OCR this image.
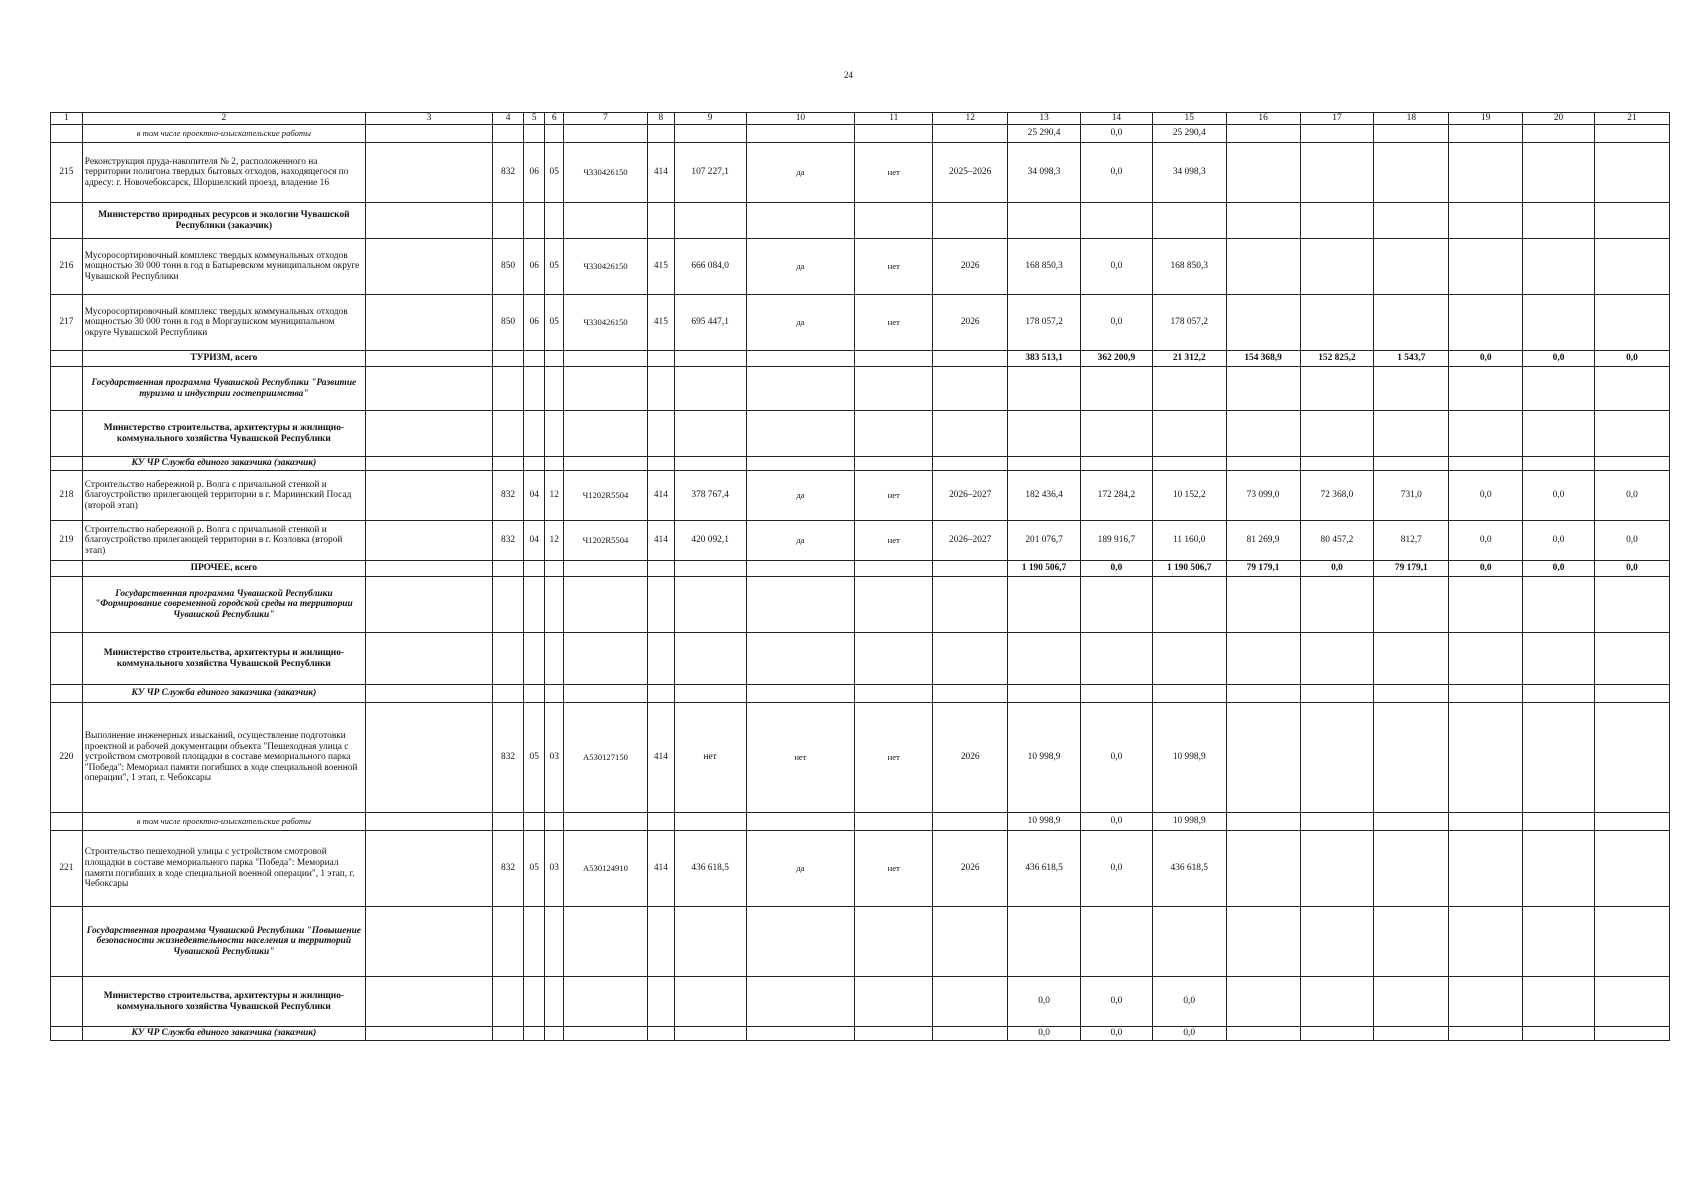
24
1	2	3	4	5	6	7	8	9	10	11	12	13	14	15	16	17	18	19	20	21
	в том числе проектно-изыскательские работы											25 290,4	0,0	25 290,4						
215	Реконструкция пруда-накопителя № 2, расположенного на территории полигона твердых бытовых отходов, находящегося по адресу: г. Новочебоксарск, Шоршелский проезд, владение 16		832	06	05	Ч330426150	414	107 227,1	да	нет	2025–2026	34 098,3	0,0	34 098,3						
	Министерство природных ресурсов и экологии Чувашской Республики (заказчик)																			
216	Мусоросортировочный комплекс твердых коммунальных отходов мощностью 30 000 тонн в год в Батыревском муниципальном округе Чувашской Республики		850	06	05	Ч330426150	415	666 084,0	да	нет	2026	168 850,3	0,0	168 850,3						
217	Мусоросортировочный комплекс твердых коммунальных отходов мощностью 30 000 тонн в год в Моргаушском муниципальном округе Чувашской Республики		850	06	05	Ч330426150	415	695 447,1	да	нет	2026	178 057,2	0,0	178 057,2						
	ТУРИЗМ, всего											383 513,1	362 200,9	21 312,2	154 368,9	152 825,2	1 543,7	0,0	0,0	0,0
	Государственная программа Чувашской Республики "Развитие туризма и индустрии гостеприимства"																			
	Министерство строительства, архитектуры и жилищно-коммунального хозяйства Чувашской Республики																			
	КУ ЧР Служба единого заказчика (заказчик)																			
218	Строительство набережной р. Волга с причальной стенкой и благоустройство прилегающей территории в г. Мариинский Посад (второй этап)		832	04	12	Ч1202R5504	414	378 767,4	да	нет	2026–2027	182 436,4	172 284,2	10 152,2	73 099,0	72 368,0	731,0	0,0	0,0	0,0
219	Строительство набережной р. Волга с причальной стенкой и благоустройство прилегающей территории в г. Козловка (второй этап)		832	04	12	Ч1202R5504	414	420 092,1	да	нет	2026–2027	201 076,7	189 916,7	11 160,0	81 269,9	80 457,2	812,7	0,0	0,0	0,0
	ПРОЧЕЕ, всего											1 190 506,7	0,0	1 190 506,7	79 179,1	0,0	79 179,1	0,0	0,0	0,0
	Государственная программа Чувашской Республики "Формирование современной городской среды на территории Чувашской Республики"																			
	Министерство строительства, архитектуры и жилищно-коммунального хозяйства Чувашской Республики																			
	КУ ЧР Служба единого заказчика (заказчик)																			
220	Выполнение инженерных изысканий, осуществление подготовки проектной и рабочей документации объекта "Пешеходная улица с устройством смотровой площадки в составе мемориального парка "Победа": Мемориал памяти погибших в ходе специальной военной операции", 1 этап, г. Чебоксары		832	05	03	А530127150	414	нет	нет	нет	2026	10 998,9	0,0	10 998,9						
	в том числе проектно-изыскательские работы											10 998,9	0,0	10 998,9						
221	Строительство пешеходной улицы с устройством смотровой площадки в составе мемориального парка "Победа": Мемориал памяти погибших в ходе специальной военной операции", 1 этап, г. Чебоксары		832	05	03	А530124910	414	436 618,5	да	нет	2026	436 618,5	0,0	436 618,5						
	Государственная программа Чувашской Республики "Повышение безопасности жизнедеятельности населения и территорий Чувашской Республики"																			
	Министерство строительства, архитектуры и жилищно-коммунального хозяйства Чувашской Республики											0,0	0,0	0,0						
	КУ ЧР Служба единого заказчика (заказчик)											0,0	0,0	0,0						
